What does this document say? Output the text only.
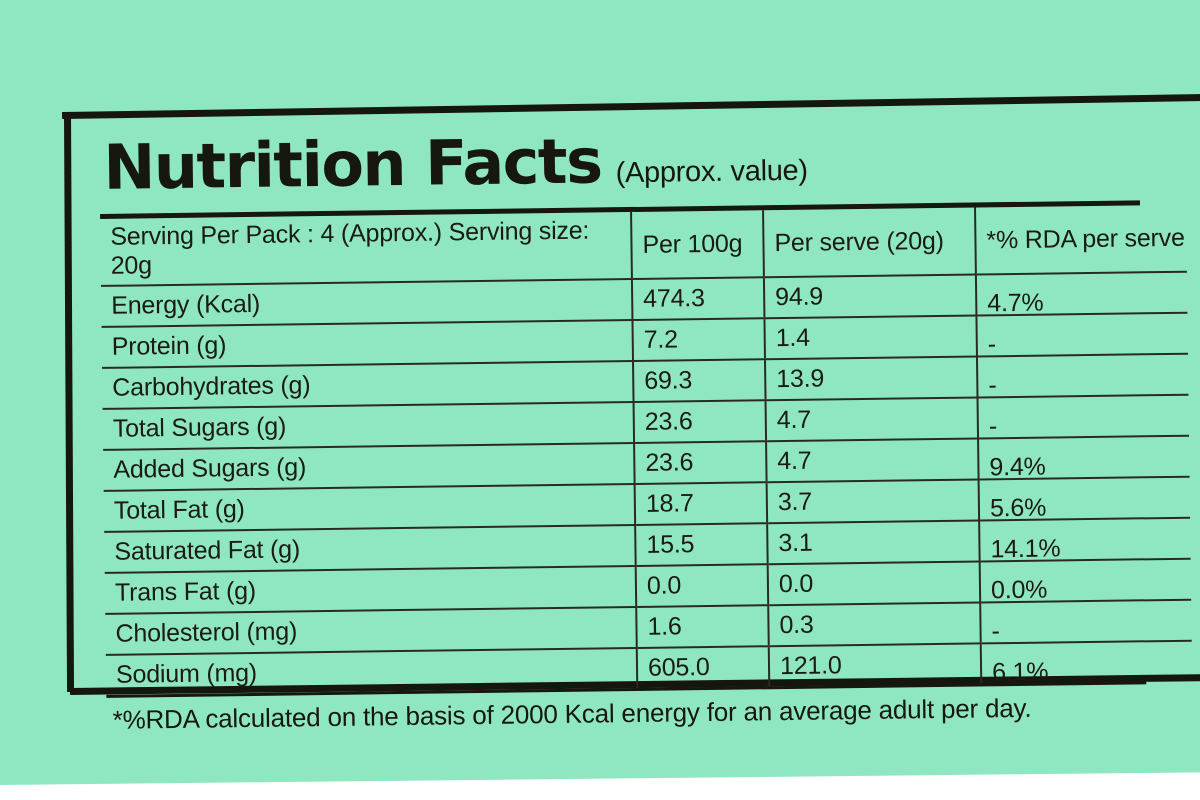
Nutrition Facts (Approx. value)
Serving Per Pack : 4 (Approx.) Serving size: 20g	Per 100g	Per serve (20g)	*% RDA per serve
Energy (Kcal)	474.3	94.9	4.7%
Protein (g)	7.2	1.4	-
Carbohydrates (g)	69.3	13.9	-
Total Sugars (g)	23.6	4.7	-
Added Sugars (g)	23.6	4.7	9.4%
Total Fat (g)	18.7	3.7	5.6%
Saturated Fat (g)	15.5	3.1	14.1%
Trans Fat (g)	0.0	0.0	0.0%
Cholesterol (mg)	1.6	0.3	-
Sodium (mg)	605.0	121.0	6.1%
*%RDA calculated on the basis of 2000 Kcal energy for an average adult per day.
